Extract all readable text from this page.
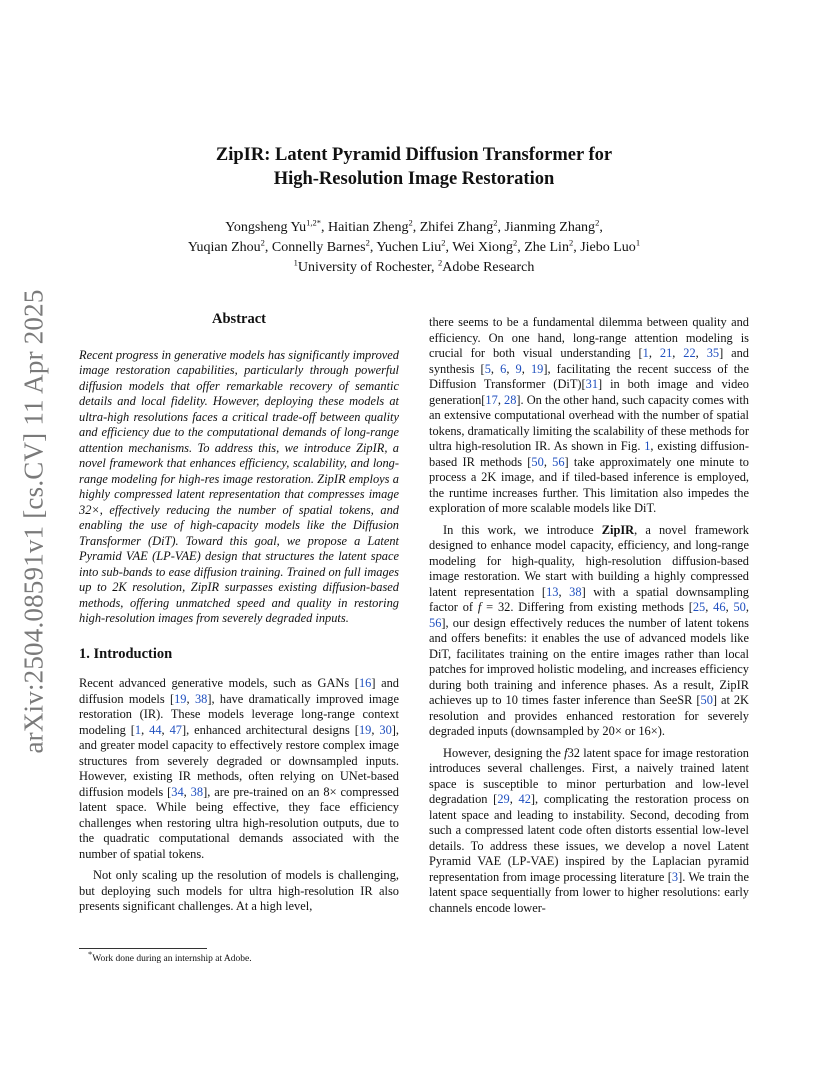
arXiv:2504.08591v1 [cs.CV] 11 Apr 2025
ZipIR: Latent Pyramid Diffusion Transformer for
High-Resolution Image Restoration
Yongsheng $Yu^{1,2*}$, Haitian Zheng$^2$, Zhifei Zhang$^2$, Jianming Zhang$^2$,
Yuqian Zhou$^2$, Connelly Barnes$^2$, Yuchen Liu$^2$, Wei Xiong$^2$, Zhe Lin$^2$, Jiebo Luo$^1$
$^1$University of Rochester, $^2$Adobe Research
Abstract
Recent progress in generative models has significantly improved image restoration capabilities, particularly through powerful diffusion models that offer remarkable recovery of semantic details and local fidelity. However, deploying these models at ultra-high resolutions faces a critical trade-off between quality and efficiency due to the computational demands of long-range attention mechanisms. To address this, we introduce ZipIR, a novel framework that enhances efficiency, scalability, and long-range modeling for high-res image restoration. ZipIR employs a highly compressed latent representation that compresses image 32×, effectively reducing the number of spatial tokens, and enabling the use of high-capacity models like the Diffusion Transformer (DiT). Toward this goal, we propose a Latent Pyramid VAE (LP-VAE) design that structures the latent space into sub-bands to ease diffusion training. Trained on full images up to 2K resolution, ZipIR surpasses existing diffusion-based methods, offering unmatched speed and quality in restoring high-resolution images from severely degraded inputs.
1. Introduction

Recent advanced generative models, such as GANs [16] and diffusion models [19, 38], have dramatically improved image restoration (IR). These models leverage long-range context modeling [1, 44, 47], enhanced architectural designs [19, 30], and greater model capacity to effectively restore complex image structures from severely degraded or downsampled inputs. However, existing IR methods, often relying on UNet-based diffusion models [34, 38], are pre-trained on an 8× compressed latent space. While being effective, they face efficiency challenges when restoring ultra high-resolution outputs, due to the quadratic computational demands associated with the number of spatial tokens.

Not only scaling up the resolution of models is challenging, but deploying such models for ultra high-resolution IR also presents significant challenges. At a high level,

there seems to be a fundamental dilemma between quality and efficiency. On one hand, long-range attention modeling is crucial for both visual understanding [1, 21, 22, 35] and synthesis [5, 6, 9, 19], facilitating the recent success of the Diffusion Transformer (DiT)[31] in both image and video generation[17, 28]. On the other hand, such capacity comes with an extensive computational overhead with the number of spatial tokens, dramatically limiting the scalability of these methods for ultra high-resolution IR. As shown in Fig. 1, existing diffusion-based IR methods [50, 56] take approximately one minute to process a 2K image, and if tiled-based inference is employed, the runtime increases further. This limitation also impedes the exploration of more scalable models like DiT.

In this work, we introduce ZipIR, a novel framework designed to enhance model capacity, efficiency, and long-range modeling for high-quality, high-resolution diffusion-based image restoration. We start with building a highly compressed latent representation [13, 38] with a spatial downsampling factor of f = 32. Differing from existing methods [25, 46, 50, 56], our design effectively reduces the number of latent tokens and offers benefits: it enables the use of advanced models like DiT, facilitates training on the entire images rather than local patches for improved holistic modeling, and increases efficiency during both training and inference phases. As a result, ZipIR achieves up to 10 times faster inference than SeeSR [50] at 2K resolution and provides enhanced restoration for severely degraded inputs (downsampled by 20× or 16×).

However, designing the f32 latent space for image restoration introduces several challenges. First, a naively trained latent space is susceptible to minor perturbation and low-level degradation [29, 42], complicating the restoration process on latent space and leading to instability. Second, decoding from such a compressed latent code often distorts essential low-level details. To address these issues, we develop a novel Latent Pyramid VAE (LP-VAE) inspired by the Laplacian pyramid representation from image processing literature [3]. We train the latent space sequentially from lower to higher resolutions: early channels encode lower-

*Work done during an internship at Adobe.
